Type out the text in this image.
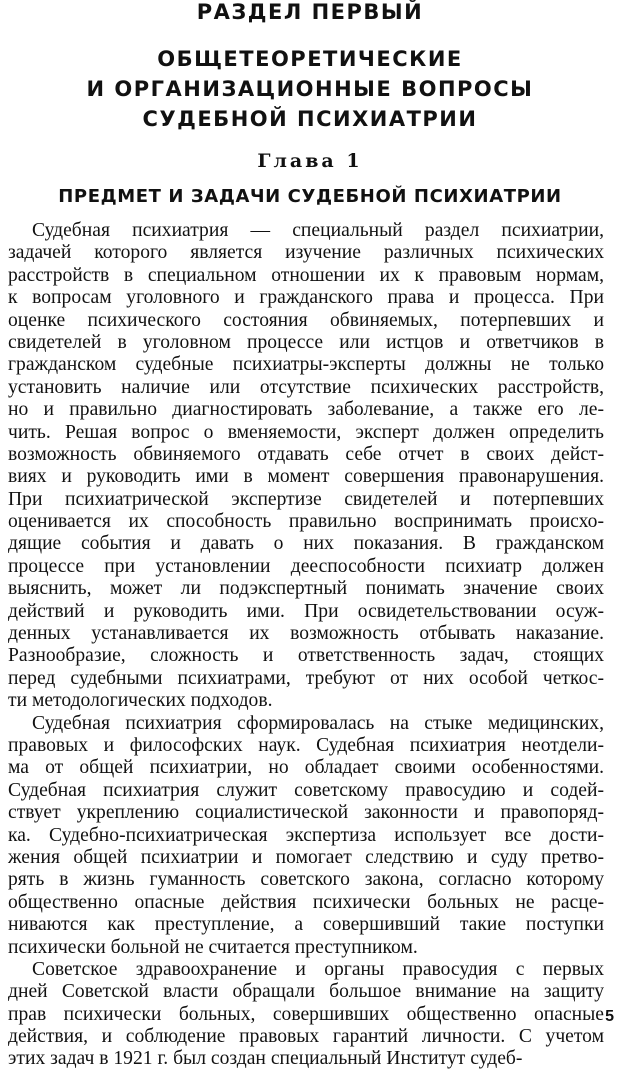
РАЗДЕЛ ПЕРВЫЙ
ОБЩЕТЕОРЕТИЧЕСКИЕ
И ОРГАНИЗАЦИОННЫЕ ВОПРОСЫ
СУДЕБНОЙ ПСИХИАТРИИ
Глава 1
ПРЕДМЕТ И ЗАДАЧИ СУДЕБНОЙ ПСИХИАТРИИ
Судебная психиатрия — специальный раздел психиатрии,
задачей которого является изучение различных психических
расстройств в специальном отношении их к правовым нормам,
к вопросам уголовного и гражданского права и процесса. При
оценке психического состояния обвиняемых, потерпевших и
свидетелей в уголовном процессе или истцов и ответчиков в
гражданском судебные психиатры-эксперты должны не только
установить наличие или отсутствие психических расстройств,
но и правильно диагностировать заболевание, а также его ле-
чить. Решая вопрос о вменяемости, эксперт должен определить
возможность обвиняемого отдавать себе отчет в своих дейст-
виях и руководить ими в момент совершения правонарушения.
При психиатрической экспертизе свидетелей и потерпевших
оценивается их способность правильно воспринимать происхо-
дящие события и давать о них показания. В гражданском
процессе при установлении дееспособности психиатр должен
выяснить, может ли подэкспертный понимать значение своих
действий и руководить ими. При освидетельствовании осуж-
денных устанавливается их возможность отбывать наказание.
Разнообразие, сложность и ответственность задач, стоящих
перед судебными психиатрами, требуют от них особой четкос-
ти методологических подходов.
Судебная психиатрия сформировалась на стыке медицинских,
правовых и философских наук. Судебная психиатрия неотдели-
ма от общей психиатрии, но обладает своими особенностями.
Судебная психиатрия служит советскому правосудию и содей-
ствует укреплению социалистической законности и правопоряд-
ка. Судебно-психиатрическая экспертиза использует все дости-
жения общей психиатрии и помогает следствию и суду претво-
рять в жизнь гуманность советского закона, согласно которому
общественно опасные действия психически больных не расце-
ниваются как преступление, а совершивший такие поступки
психически больной не считается преступником.
Советское здравоохранение и органы правосудия с первых
дней Советской власти обращали большое внимание на защиту
прав психически больных, совершивших общественно опасные
действия, и соблюдение правовых гарантий личности. С учетом
этих задач в 1921 г. был создан специальный Институт судеб-
5
